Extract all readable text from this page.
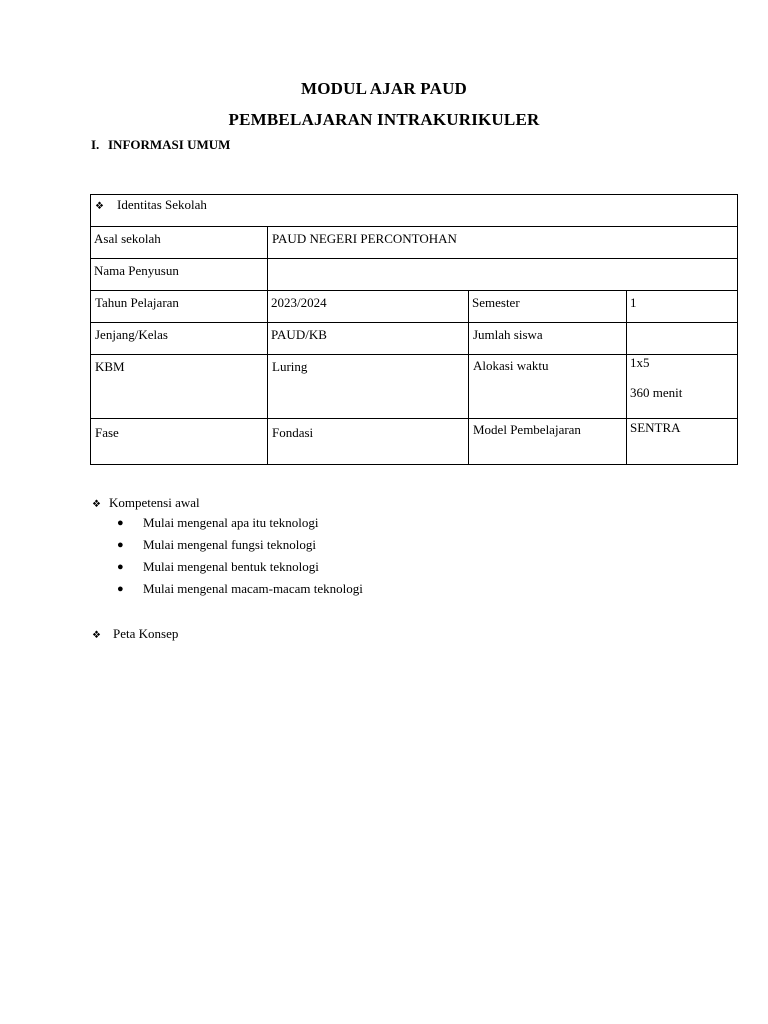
MODUL AJAR PAUD
PEMBELAJARAN INTRAKURIKULER
I. INFORMASI UMUM
❖ Identitas Sekolah			
Asal sekolah	PAUD NEGERI PERCONTOHAN		
Nama Penyusun			
Tahun Pelajaran	2023/2024	Semester	1
Jenjang/Kelas	PAUD/KB	Jumlah siswa	
KBM	Luring	Alokasi waktu	1x5
360 menit

Fase	Fondasi	Model Pembelajaran	SENTRA
❖ Kompetensi awal
● Mulai mengenal apa itu teknologi
● Mulai mengenal fungsi teknologi
● Mulai mengenal bentuk teknologi
● Mulai mengenal macam-macam teknologi
❖ Peta Konsep
